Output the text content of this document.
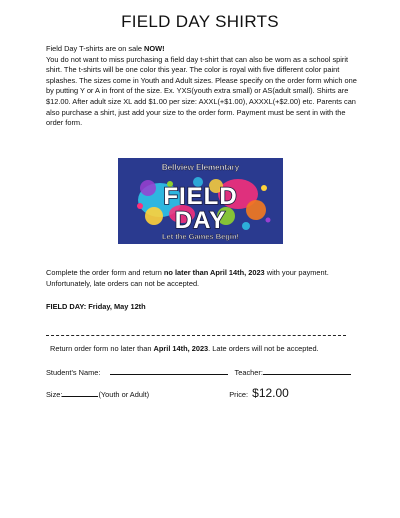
FIELD DAY SHIRTS
Field Day T-shirts are on sale NOW!
You do not want to miss purchasing a field day t-shirt that can also be worn as a school spirit shirt. The t-shirts will be one color this year. The color is royal with five different color paint splashes. The sizes come in Youth and Adult sizes. Please specify on the order form which one by putting Y or A in front of the size. Ex. YXS(youth extra small) or AS(adult small). Shirts are $12.00. After adult size XL add $1.00 per size: AXXL(+$1.00), AXXXL(+$2.00) etc. Parents can also purchase a shirt, just add your size to the order form. Payment must be sent in with the order form.
Bellview Elementary
FIELD
DAY
Let the Games Begin!
Complete the order form and return no later than April 14th, 2023 with your payment. Unfortunately, late orders can not be accepted.
FIELD DAY: Friday, May 12th
Return order form no later than April 14th, 2023. Late orders will not be accepted.
Student's Name:	Teacher:
Size:	(Youth or Adult)	Price: $12.00
